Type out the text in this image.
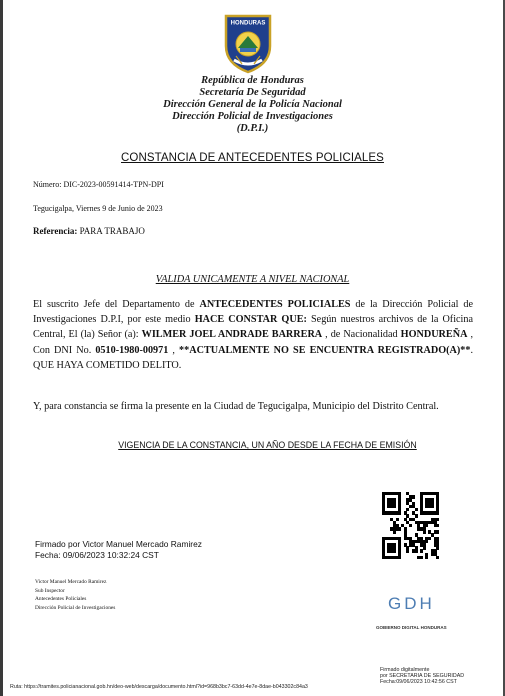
HONDURAS
República de Honduras
Secretaría De Seguridad
Dirección General de la Policía Nacional
Dirección Policial de Investigaciones
(D.P.I.)
CONSTANCIA DE ANTECEDENTES POLICIALES
Número: DIC-2023-00591414-TPN-DPI
Tegucigalpa, Viernes 9 de Junio de 2023
Referencia: PARA TRABAJO
VALIDA UNICAMENTE A NIVEL NACIONAL
El suscrito Jefe del Departamento de ANTECEDENTES POLICIALES de la Dirección Policial de Investigaciones D.P.I, por este medio HACE CONSTAR QUE: Según nuestros archivos de la Oficina Central, El (la) Señor (a): WILMER JOEL ANDRADE BARRERA , de Nacionalidad HONDUREÑA , Con DNI No. 0510-1980-00971 , **ACTUALMENTE NO SE ENCUENTRA REGISTRADO(A)**. QUE HAYA COMETIDO DELITO.
Y, para constancia se firma la presente en la Ciudad de Tegucigalpa, Municipio del Distrito Central.
VIGENCIA DE LA CONSTANCIA, UN AÑO DESDE LA FECHA DE EMISIÓN
Firmado por Victor Manuel Mercado Ramirez
Fecha: 09/06/2023 10:32:24 CST
Victor Manuel Mercado Ramirez
Sub Inspector
Antecedentes Policiales
Dirección Policial de Investigaciones	GDH
GOBIERNO DIGITAL HONDURAS
Ruta: https://tramites.policianacional.gob.hn/deo-web/descarga/documento.html?id=968b3bc7-63dd-4e7e-8dae-b043302c84a3
Firmado digitalmente
por SECRETARIA DE SEGURIDAD
Fecha:09/06/2023 10:42:56 CST
